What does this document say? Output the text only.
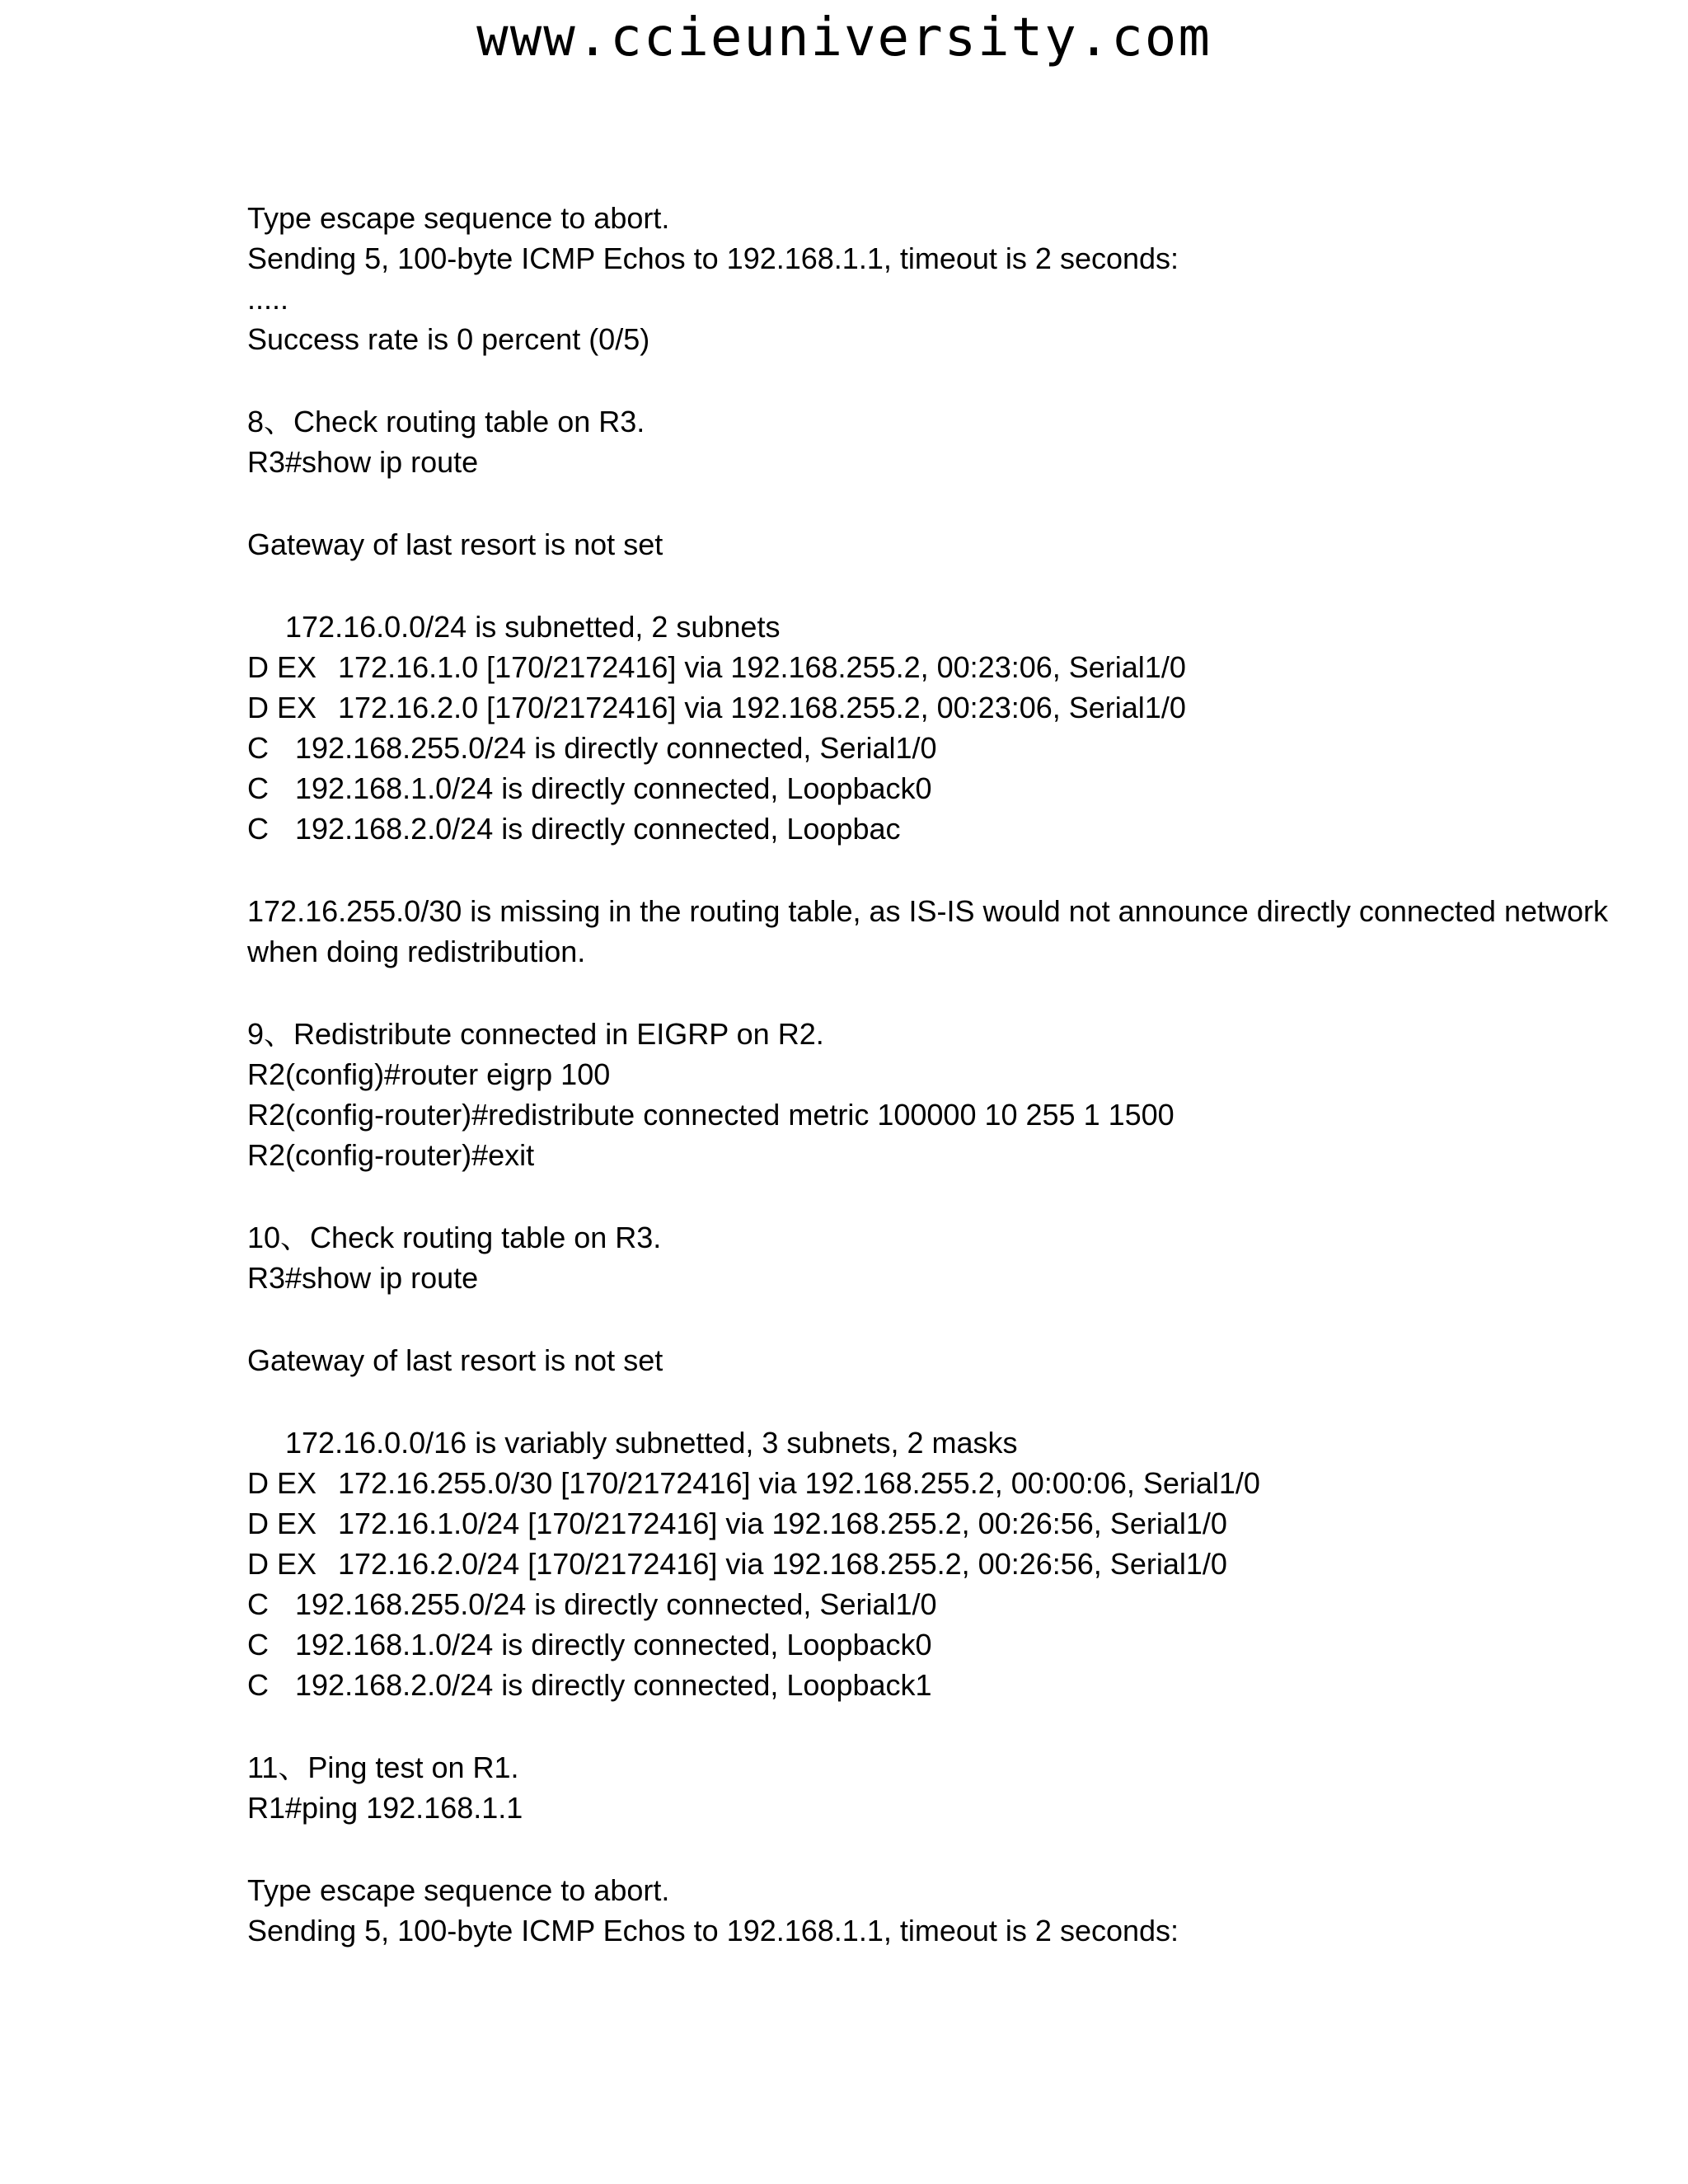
www.ccieuniversity.com
Type escape sequence to abort.
Sending 5, 100-byte ICMP Echos to 192.168.1.1, timeout is 2 seconds:
.....
Success rate is 0 percent (0/5)
8、Check routing table on R3.
R3#show ip route
Gateway of last resort is not set
172.16.0.0/24 is subnetted, 2 subnets
D EX 172.16.1.0 [170/2172416] via 192.168.255.2, 00:23:06, Serial1/0
D EX 172.16.2.0 [170/2172416] via 192.168.255.2, 00:23:06, Serial1/0
C 192.168.255.0/24 is directly connected, Serial1/0
C 192.168.1.0/24 is directly connected, Loopback0
C 192.168.2.0/24 is directly connected, Loopbac
172.16.255.0/30 is missing in the routing table, as IS-IS would not announce directly connected network when doing redistribution.
9、Redistribute connected in EIGRP on R2.
R2(config)#router eigrp 100
R2(config-router)#redistribute connected metric 100000 10 255 1 1500
R2(config-router)#exit
10、Check routing table on R3.
R3#show ip route
Gateway of last resort is not set
172.16.0.0/16 is variably subnetted, 3 subnets, 2 masks
D EX 172.16.255.0/30 [170/2172416] via 192.168.255.2, 00:00:06, Serial1/0
D EX 172.16.1.0/24 [170/2172416] via 192.168.255.2, 00:26:56, Serial1/0
D EX 172.16.2.0/24 [170/2172416] via 192.168.255.2, 00:26:56, Serial1/0
C 192.168.255.0/24 is directly connected, Serial1/0
C 192.168.1.0/24 is directly connected, Loopback0
C 192.168.2.0/24 is directly connected, Loopback1
11、Ping test on R1.
R1#ping 192.168.1.1
Type escape sequence to abort.
Sending 5, 100-byte ICMP Echos to 192.168.1.1, timeout is 2 seconds:
